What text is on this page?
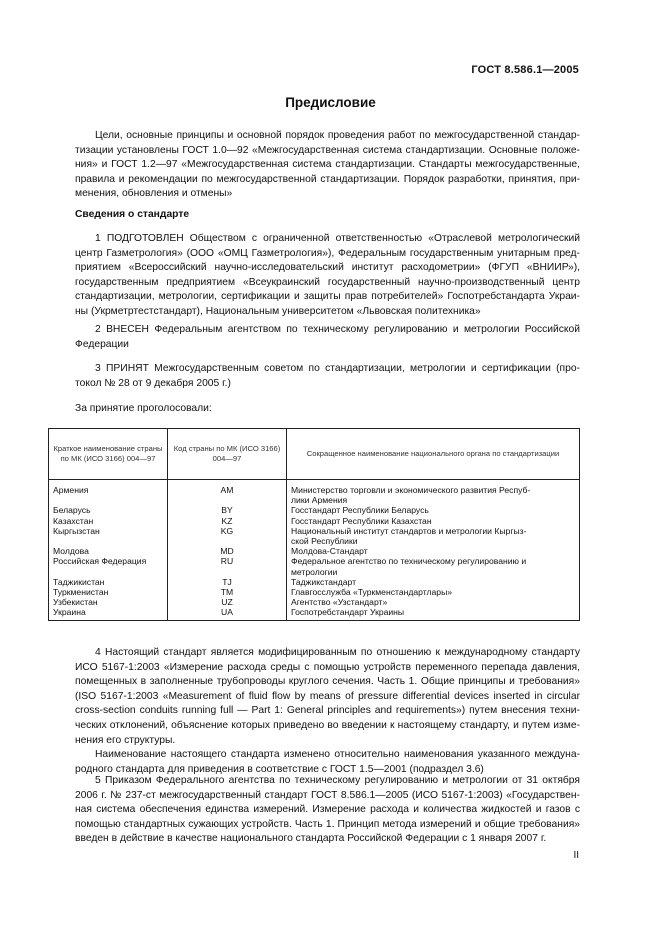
ГОСТ 8.586.1—2005
Предисловие
Цели, основные принципы и основной порядок проведения работ по межгосударственной стандар-
тизации установлены ГОСТ 1.0—92 «Межгосударственная система стандартизации. Основные положе-
ния» и ГОСТ 1.2—97 «Межгосударственная система стандартизации. Стандарты межгосударственные,
правила и рекомендации по межгосударственной стандартизации. Порядок разработки, принятия, при-
менения, обновления и отмены»
Сведения о стандарте
1 ПОДГОТОВЛЕН Обществом с ограниченной ответственностью «Отраслевой метрологический
центр Газметрология» (ООО «ОМЦ Газметрология»), Федеральным государственным унитарным пред-
приятием «Всероссийский научно-исследовательский институт расходометрии» (ФГУП «ВНИИР»),
государственным предприятием «Всеукраинский государственный научно-производственный центр
стандартизации, метрологии, сертификации и защиты прав потребителей» Госпотребстандарта Украи-
ны (Укрметртестстандарт), Национальным университетом «Львовская политехника»
2 ВНЕСЕН Федеральным агентством по техническому регулированию и метрологии Российской
Федерации
3 ПРИНЯТ Межгосударственным советом по стандартизации, метрологии и сертификации (про-
токол № 28 от 9 декабря 2005 г.)
За принятие проголосовали:
Краткое наименование страны по МК (ИСО 3166) 004—97	Код страны по МК (ИСО 3166) 004—97	Сокращенное наименование национального органа по стандартизации
Армения	AM	Министерство торговли и экономического развития Респуб-
лики Армения

Беларусь	BY	Госстандарт Республики Беларусь

Казахстан	KZ	Госстандарт Республики Казахстан

Кыргызстан	KG	Национальный институт стандартов и метрологии Кыргыз-
ской Республики

Молдова	MD	Молдова-Стандарт

Российская Федерация	RU	Федеральное агентство по техническому регулированию и
метрологии

Таджикистан	TJ	Таджикстандарт

Туркменистан	TM	Главгосслужба «Туркменстандартлары»

Узбекистан	UZ	Агентство «Узстандарт»

Украина	UA	Госпотребстандарт Украины
4 Настоящий стандарт является модифицированным по отношению к международному стандарту
ИСО 5167-1:2003 «Измерение расхода среды с помощью устройств переменного перепада давления,
помещенных в заполненные трубопроводы круглого сечения. Часть 1. Общие принципы и требования»
(ISO 5167-1:2003 «Measurement of fluid flow by means of pressure differential devices inserted in circular
cross-section conduits running full — Part 1: General principles and requirements») путем внесения техни-
ческих отклонений, объяснение которых приведено во введении к настоящему стандарту, и путем изме-
нения его структуры.
Наименование настоящего стандарта изменено относительно наименования указанного междуна-
родного стандарта для приведения в соответствие с ГОСТ 1.5—2001 (подраздел 3.6)
5 Приказом Федерального агентства по техническому регулированию и метрологии от 31 октября
2006 г. № 237-ст межгосударственный стандарт ГОСТ 8.586.1—2005 (ИСО 5167-1:2003) «Государствен-
ная система обеспечения единства измерений. Измерение расхода и количества жидкостей и газов с
помощью стандартных сужающих устройств. Часть 1. Принцип метода измерений и общие требования»
введен в действие в качестве национального стандарта Российской Федерации с 1 января 2007 г.
II
